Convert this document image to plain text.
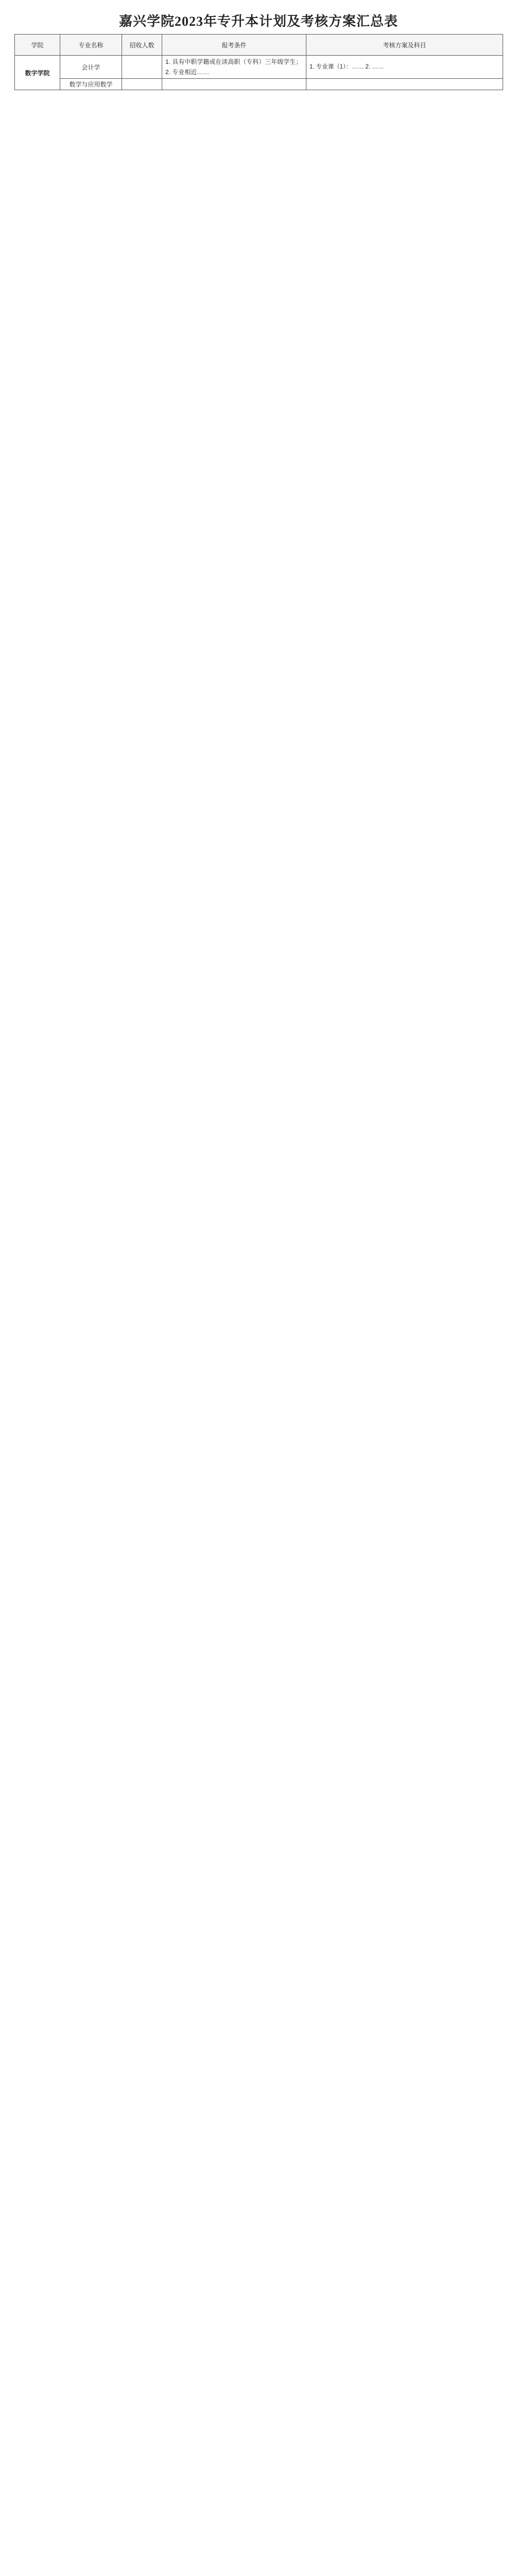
嘉兴学院2023年专升本计划及考核方案汇总表
学院	专业名称	招收人数	报考条件	考核方案及科目
数字学院	会计学		1. 具有中职学籍或在读高职（专科）三年级学生；
2. 专业相近……	1. 专业课（1）：…… 2. ……
	数学与应用数学			
